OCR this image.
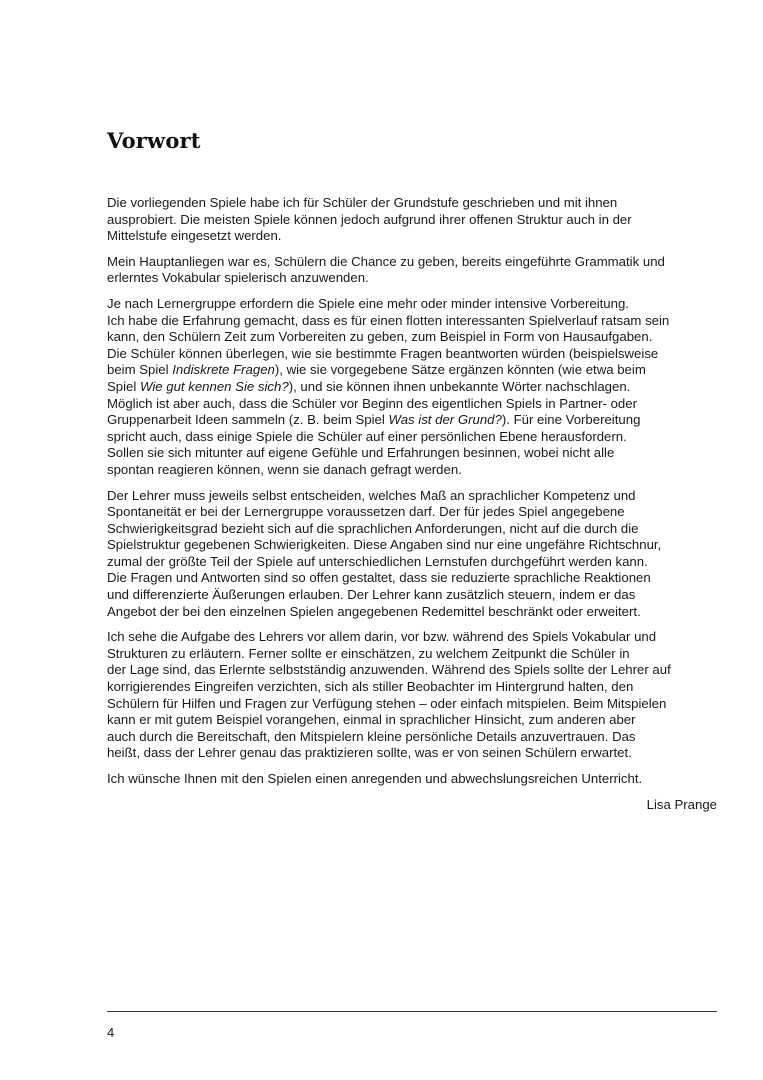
Vorwort

Die vorliegenden Spiele habe ich für Schüler der Grundstufe geschrieben und mit ihnen
ausprobiert. Die meisten Spiele können jedoch aufgrund ihrer offenen Struktur auch in der
Mittelstufe eingesetzt werden.

Mein Hauptanliegen war es, Schülern die Chance zu geben, bereits eingeführte Grammatik und
erlerntes Vokabular spielerisch anzuwenden.

Je nach Lernergruppe erfordern die Spiele eine mehr oder minder intensive Vorbereitung.
Ich habe die Erfahrung gemacht, dass es für einen flotten interessanten Spielverlauf ratsam sein
kann, den Schülern Zeit zum Vorbereiten zu geben, zum Beispiel in Form von Hausaufgaben.
Die Schüler können überlegen, wie sie bestimmte Fragen beantworten würden (beispielsweise
beim Spiel Indiskrete Fragen), wie sie vorgegebene Sätze ergänzen könnten (wie etwa beim
Spiel Wie gut kennen Sie sich?), und sie können ihnen unbekannte Wörter nachschlagen.
Möglich ist aber auch, dass die Schüler vor Beginn des eigentlichen Spiels in Partner- oder
Gruppenarbeit Ideen sammeln (z. B. beim Spiel Was ist der Grund?). Für eine Vorbereitung
spricht auch, dass einige Spiele die Schüler auf einer persönlichen Ebene herausfordern.
Sollen sie sich mitunter auf eigene Gefühle und Erfahrungen besinnen, wobei nicht alle
spontan reagieren können, wenn sie danach gefragt werden.

Der Lehrer muss jeweils selbst entscheiden, welches Maß an sprachlicher Kompetenz und
Spontaneität er bei der Lernergruppe voraussetzen darf. Der für jedes Spiel angegebene
Schwierigkeitsgrad bezieht sich auf die sprachlichen Anforderungen, nicht auf die durch die
Spielstruktur gegebenen Schwierigkeiten. Diese Angaben sind nur eine ungefähre Richtschnur,
zumal der größte Teil der Spiele auf unterschiedlichen Lernstufen durchgeführt werden kann.
Die Fragen und Antworten sind so offen gestaltet, dass sie reduzierte sprachliche Reaktionen
und differenzierte Äußerungen erlauben. Der Lehrer kann zusätzlich steuern, indem er das
Angebot der bei den einzelnen Spielen angegebenen Redemittel beschränkt oder erweitert.

Ich sehe die Aufgabe des Lehrers vor allem darin, vor bzw. während des Spiels Vokabular und
Strukturen zu erläutern. Ferner sollte er einschätzen, zu welchem Zeitpunkt die Schüler in
der Lage sind, das Erlernte selbstständig anzuwenden. Während des Spiels sollte der Lehrer auf
korrigierendes Eingreifen verzichten, sich als stiller Beobachter im Hintergrund halten, den
Schülern für Hilfen und Fragen zur Verfügung stehen – oder einfach mitspielen. Beim Mitspielen
kann er mit gutem Beispiel vorangehen, einmal in sprachlicher Hinsicht, zum anderen aber
auch durch die Bereitschaft, den Mitspielern kleine persönliche Details anzuvertrauen. Das
heißt, dass der Lehrer genau das praktizieren sollte, was er von seinen Schülern erwartet.

Ich wünsche Ihnen mit den Spielen einen anregenden und abwechslungsreichen Unterricht.

Lisa Prange

4
